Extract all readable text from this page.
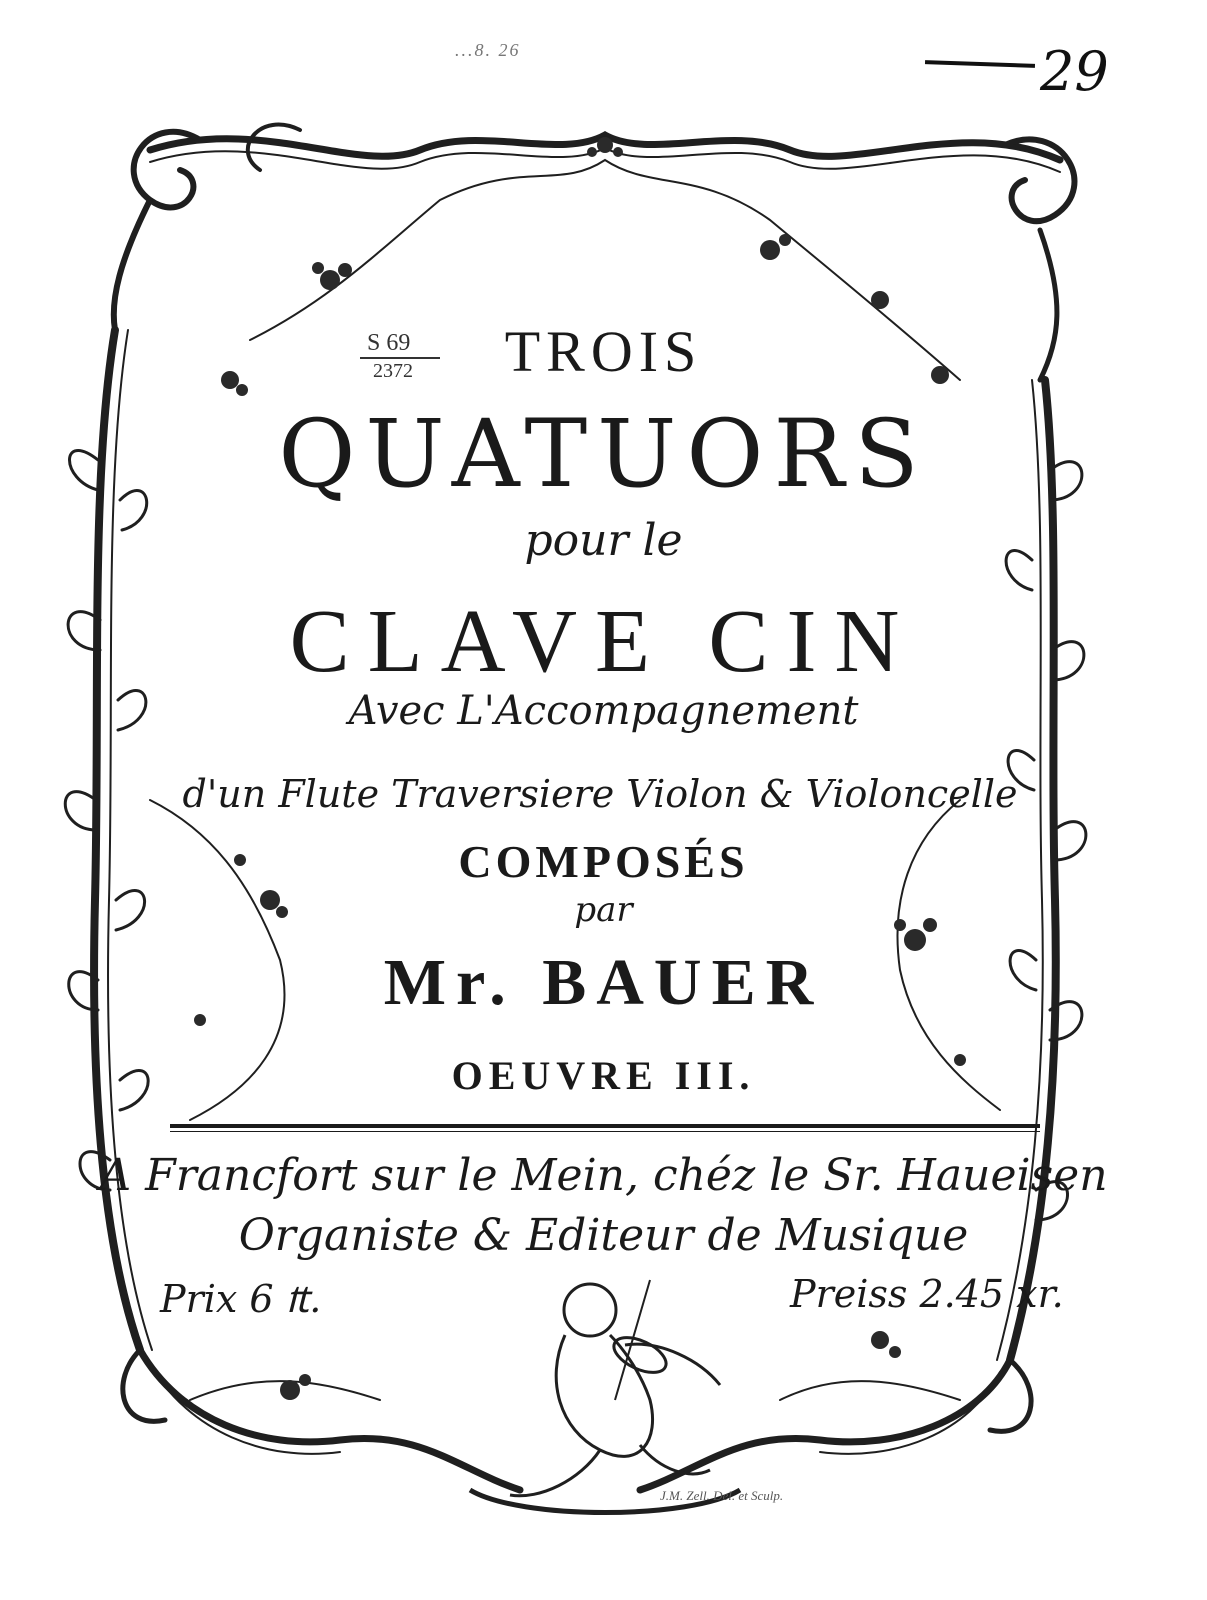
...8. 26	29
S 69
2372	TROIS
QUATUORS
pour le
CLAVE CIN
Avec L'Accompagnement
d'un Flute Traversiere Violon & Violoncelle
COMPOSÉS
par
Mr. BAUER
OEUVRE III.
A Francfort sur le Mein, chéz le Sr. Haueisen
Organiste & Editeur de Musique
Prix 6 ₶.	Preiss 2.45 xr.
J.M. Zell. Del. et Sculp.
